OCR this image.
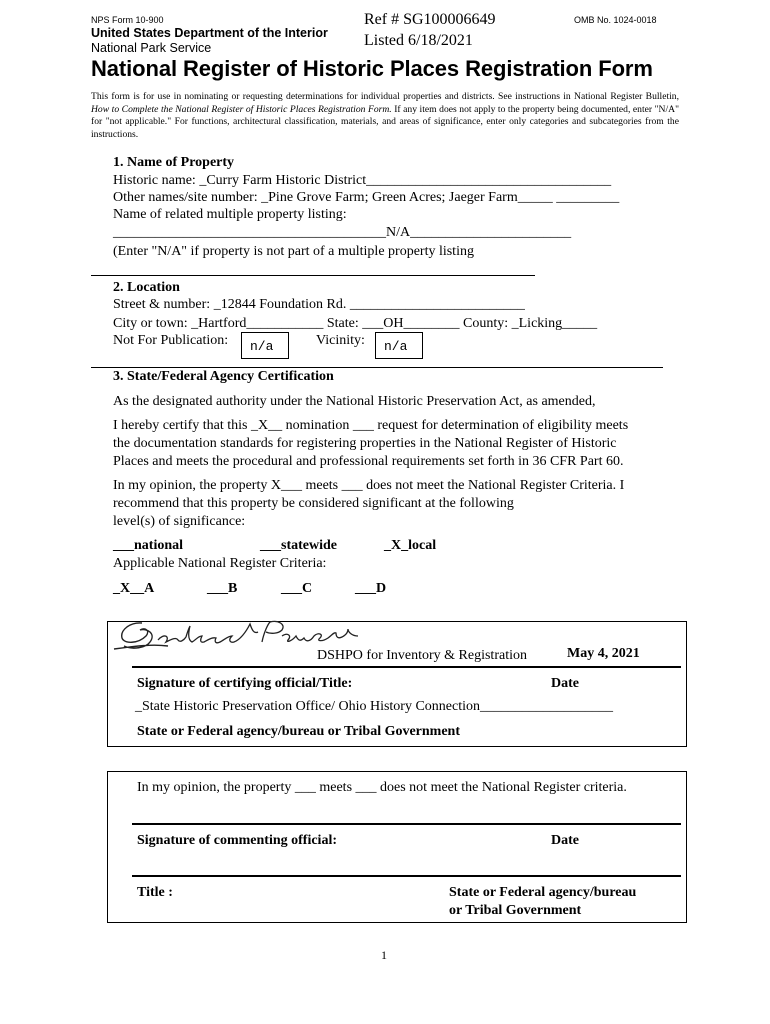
NPS Form 10-900
United States Department of the Interior
National Park Service
Ref # SG100006649
Listed 6/18/2021
OMB No. 1024-0018
National Register of Historic Places Registration Form
This form is for use in nominating or requesting determinations for individual properties and districts. See instructions in National Register Bulletin, How to Complete the National Register of Historic Places Registration Form. If any item does not apply to the property being documented, enter "N/A" for "not applicable." For functions, architectural classification, materials, and areas of significance, enter only categories and subcategories from the instructions.
1. Name of Property
Historic name: _Curry Farm Historic District___________________________________
Other names/site number: _Pine Grove Farm; Green Acres; Jaeger Farm_____ _________
Name of related multiple property listing:
_______________________________________N/A_______________________
(Enter "N/A" if property is not part of a multiple property listing
2. Location
Street & number: _12844 Foundation Rd. _________________________
City or town: _Hartford___________ State: ___OH________ County: _Licking_____
Not For Publication:	n/a	Vicinity:	n/a
3. State/Federal Agency Certification
As the designated authority under the National Historic Preservation Act, as amended,
I hereby certify that this _X__ nomination ___ request for determination of eligibility meets
the documentation standards for registering properties in the National Register of Historic
Places and meets the procedural and professional requirements set forth in 36 CFR Part 60.
In my opinion, the property X___ meets ___ does not meet the National Register Criteria. I
recommend that this property be considered significant at the following
level(s) of significance:
___national	___statewide	_X_local
Applicable National Register Criteria:
_X__A	___B	___C	___D
DSHPO for Inventory & Registration	May 4, 2021
Signature of certifying official/Title:	Date
_State Historic Preservation Office/ Ohio History Connection___________________
State or Federal agency/bureau or Tribal Government
In my opinion, the property ___ meets ___ does not meet the National Register criteria.
Signature of commenting official:	Date
Title :	State or Federal agency/bureau
or Tribal Government
1
